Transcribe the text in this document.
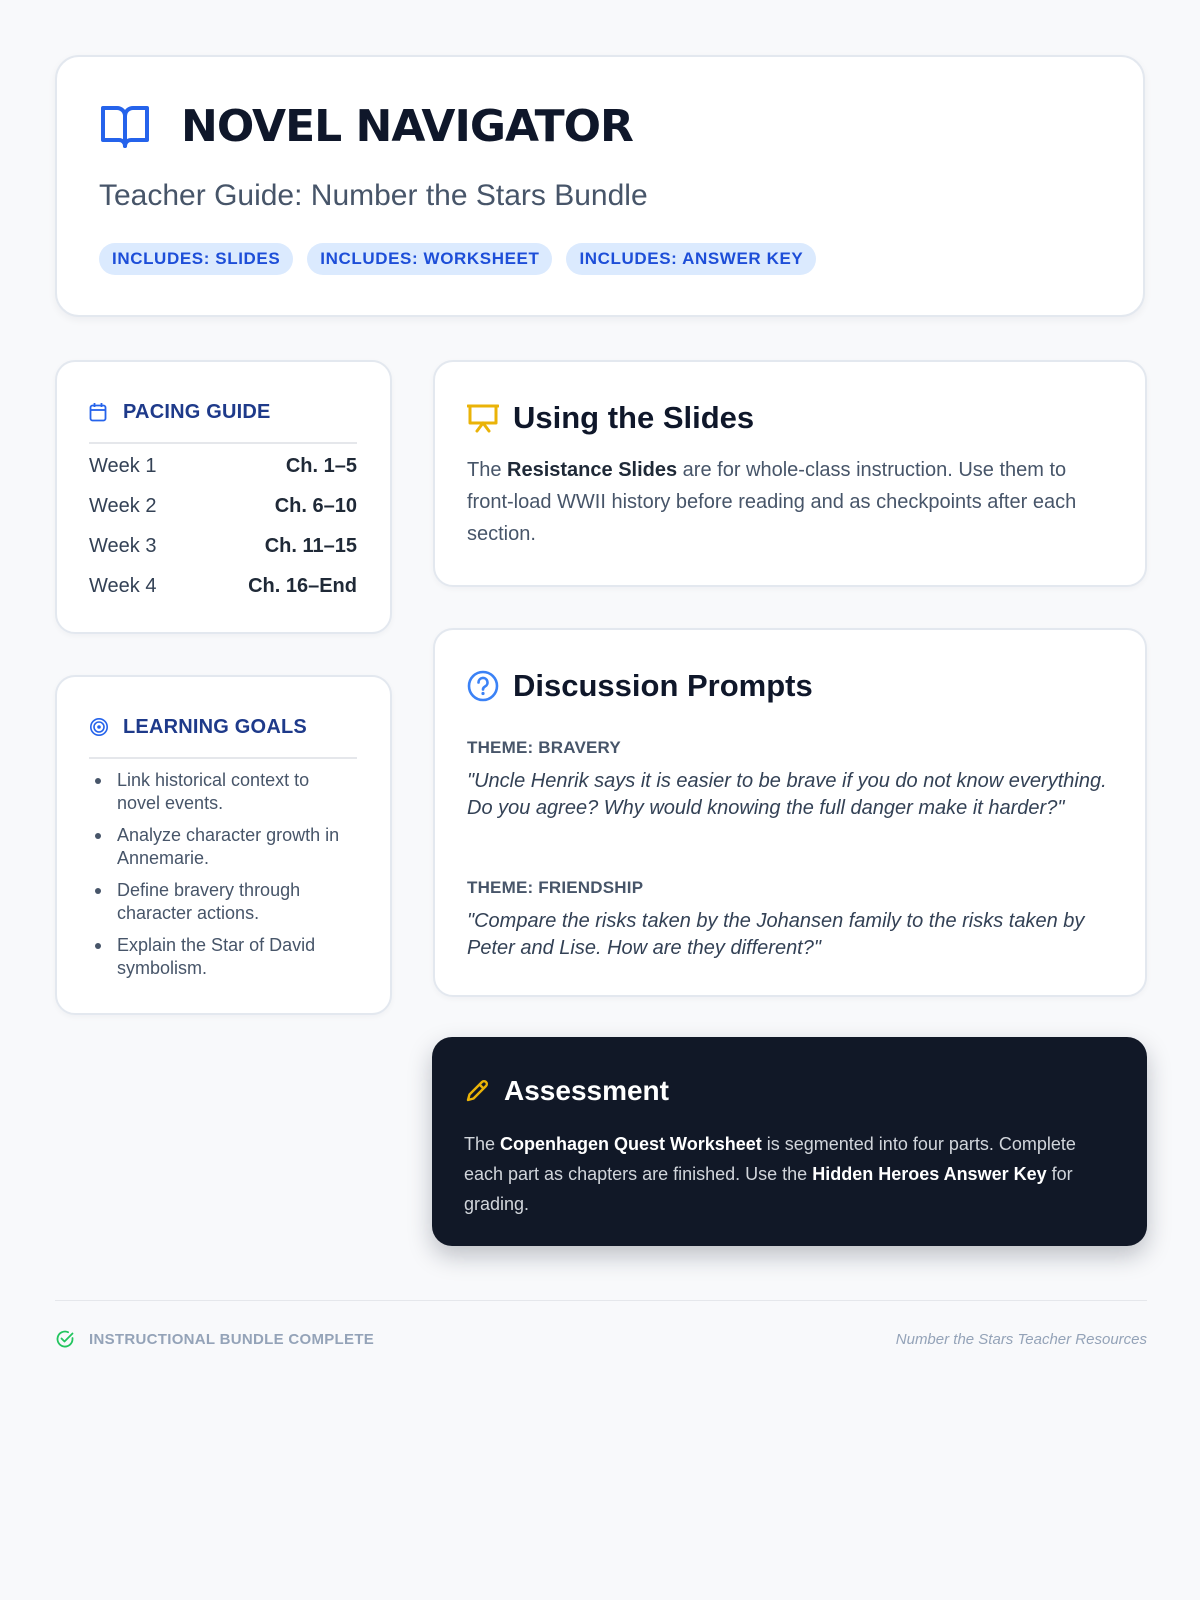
NOVEL NAVIGATOR
Teacher Guide: Number the Stars Bundle
INCLUDES: SLIDES	INCLUDES: WORKSHEET	INCLUDES: ANSWER KEY
PACING GUIDE
Week 1	Ch. 1–5
Week 2	Ch. 6–10
Week 3	Ch. 11–15
Week 4	Ch. 16–End
LEARNING GOALS
Link historical context to novel events.
Analyze character growth in Annemarie.
Define bravery through character actions.
Explain the Star of David symbolism.
Using the Slides

The Resistance Slides are for whole-class instruction. Use them to front-load WWII history before reading and as checkpoints after each section.

Discussion Prompts
THEME: BRAVERY

"Uncle Henrik says it is easier to be brave if you do not know everything. Do you agree? Why would knowing the full danger make it harder?"

THEME: FRIENDSHIP

"Compare the risks taken by the Johansen family to the risks taken by Peter and Lise. How are they different?"

Assessment

The Copenhagen Quest Worksheet is segmented into four parts. Complete each part as chapters are finished. Use the Hidden Heroes Answer Key for grading.

INSTRUCTIONAL BUNDLE COMPLETE	Number the Stars Teacher Resources
